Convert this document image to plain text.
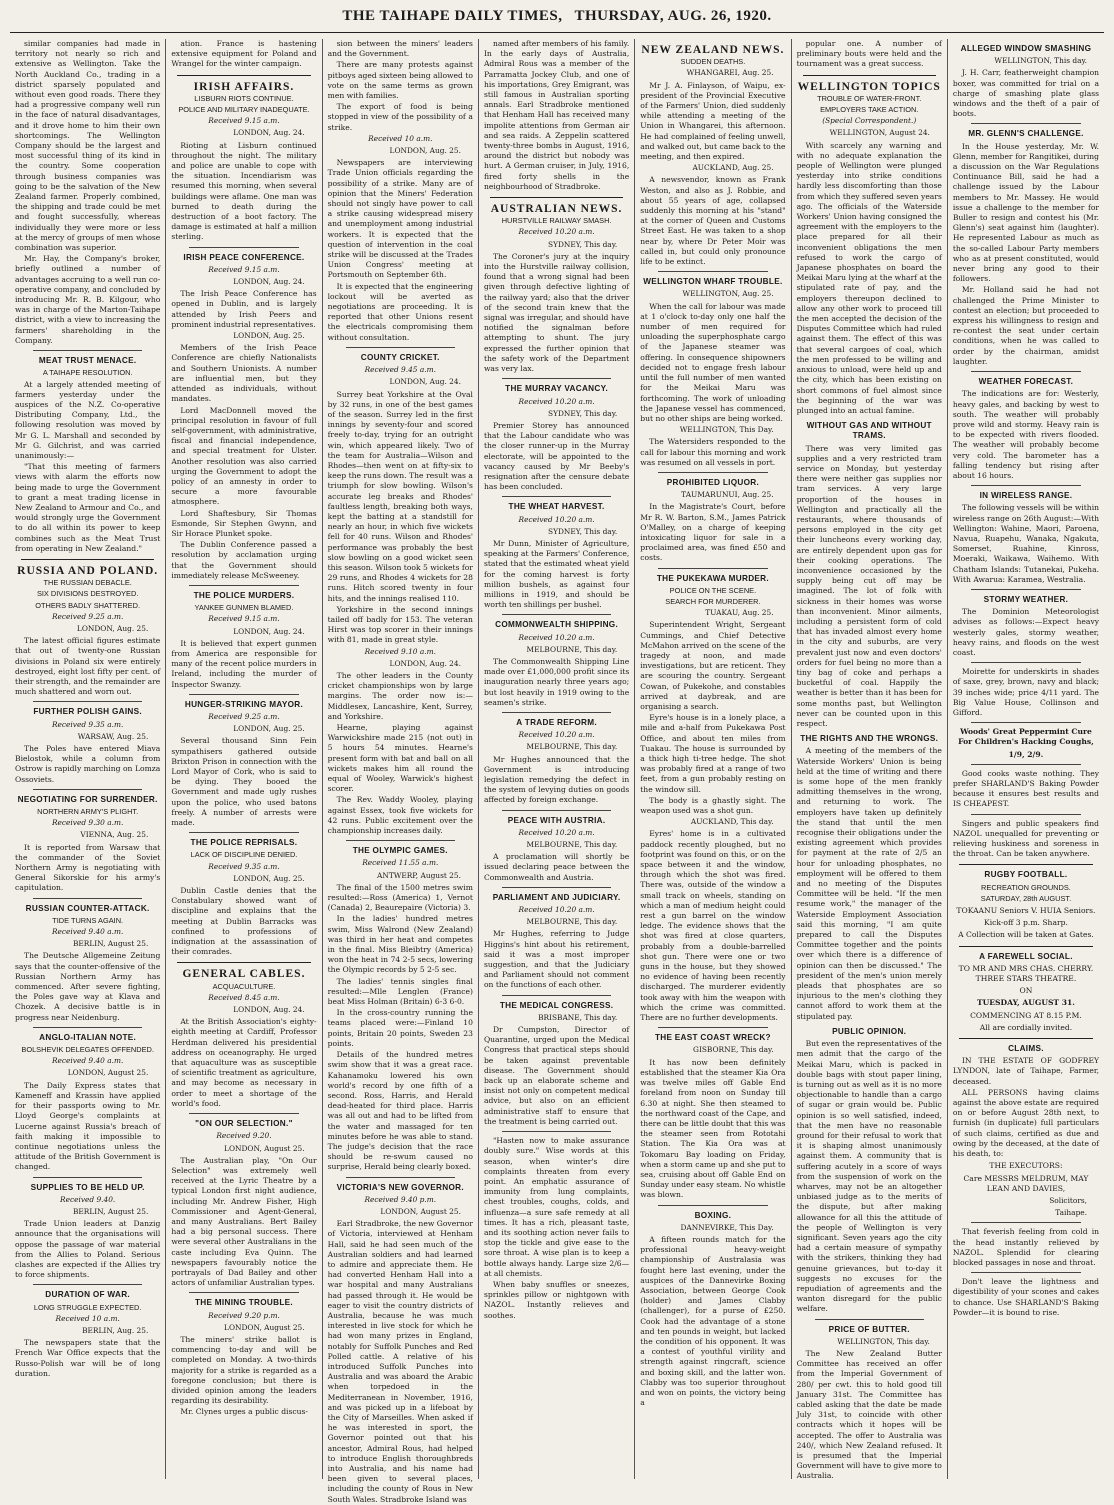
THE TAIHAPE DAILY TIMES, THURSDAY, AUG. 26, 1920.

similar companies had made in territory not nearly so rich and extensive as Wellington. Take the North Auckland Co., trading in a district sparsely populated and without even good roads. There they had a progressive company well run in the face of natural disadvantages, and it drove home to him their own shortcomings. The Wellington Company should be the largest and most successful thing of its kind in the country. Some cooperation through business companies was going to be the salvation of the New Zealand farmer. Properly combined, the shipping and trade could be met and fought successfully, whereas individually they were more or less at the mercy of groups of men whose combination was superior.

Mr. Hay, the Company's broker, briefly outlined a number of advantages accruing to a well run co-operative company, and concluded by introducing Mr. R. B. Kilgour, who was in charge of the Marton-Taihape district, with a view to increasing the farmers' shareholding in the Company.

MEAT TRUST MENACE.
A TAIHAPE RESOLUTION.

At a largely attended meeting of farmers yesterday under the auspices of the N.Z. Co-operative Distributing Company, Ltd., the following resolution was moved by Mr G. L. Marshall and seconded by Mr G. Gilchrist, and was carried unanimously:—

"That this meeting of farmers views with alarm the efforts now being made to urge the Government to grant a meat trading license in New Zealand to Armour and Co., and would strongly urge the Government to do all within its power to keep combines such as the Meat Trust from operating in New Zealand."

RUSSIA AND POLAND.
THE RUSSIAN DEBACLE.
SIX DIVISIONS DESTROYED.
OTHERS BADLY SHATTERED.
Received 9.25 a.m.
LONDON, Aug. 25.

The latest official figures estimate that out of twenty-one Russian divisions in Poland six were entirely destroyed, eight lost fifty per cent. of their strength, and the remainder are much shattered and worn out.

FURTHER POLISH GAINS.
Received 9.35 a.m.
WARSAW, Aug. 25.

The Poles have entered Miava Bielostok, while a column from Ostrow is rapidly marching on Lomza Ossoviets.

NEGOTIATING FOR SURRENDER.
NORTHERN ARMY'S PLIGHT.
Received 9.30 a.m.
VIENNA, Aug. 25.

It is reported from Warsaw that the commander of the Soviet Northern Army is negotiating with General Sikorskie for his army's capitulation.

RUSSIAN COUNTER-ATTACK.
TIDE TURNS AGAIN.
Received 9.40 a.m.
BERLIN, August 25.

The Deutsche Allgemeine Zeitung says that the counter-offensive of the Russian Northern Army has commenced. After severe fighting, the Poles gave way at Klava and Chozek. A decisive battle is in progress near Neidenburg.

ANGLO-ITALIAN NOTE.
BOLSHEVIK DELEGATES OFFENDED.
Received 9.40 a.m.
LONDON, August 25.

The Daily Express states that Kameneff and Krassin have applied for their passports owing to Mr. Lloyd George's complaints at Lucerne against Russia's breach of faith making it impossible to continue negotiations unless the attitude of the British Government is changed.

SUPPLIES TO BE HELD UP.
Received 9.40.
BERLIN, August 25.

Trade Union leaders at Danzig announce that the organisations will oppose the passage of war material from the Allies to Poland. Serious clashes are expected if the Allies try to force shipments.

DURATION OF WAR.
LONG STRUGGLE EXPECTED.
Received 10 a.m.
BERLIN, Aug. 25.

The newspapers state that the French War Office expects that the Russo-Polish war will be of long duration.

ation. France is hastening extensive equipment for Poland and Wrangel for the winter campaign.

IRISH AFFAIRS.
LISBURN RIOTS CONTINUE.
POLICE AND MILITARY INADEQUATE.
Received 9.15 a.m.
LONDON, Aug. 24.

Rioting at Lisburn continued throughout the night. The military and police are unable to cope with the situation. Incendiarism was resumed this morning, when several buildings were aflame. One man was burned to death during the destruction of a boot factory. The damage is estimated at half a million sterling.

IRISH PEACE CONFERENCE.
Received 9.15 a.m.
LONDON, Aug. 24.

The Irish Peace Conference has opened in Dublin, and is largely attended by Irish Peers and prominent industrial representatives.

LONDON, Aug. 25.

Members of the Irish Peace Conference are chiefly Nationalists and Southern Unionists. A number are influential men, but they attended as individuals, without mandates.

Lord MacDonnell moved the principal resolution in favour of full self-government, with administrative, fiscal and financial independence, and special treatment for Ulster. Another resolution was also carried urging the Government to adopt the policy of an amnesty in order to secure a more favourable atmosphere.

Lord Shaftesbury, Sir Thomas Esmonde, Sir Stephen Gwynn, and Sir Horace Plunket spoke.

The Dublin Conference passed a resolution by acclamation urging that the Government should immediately release McSweeney.

THE POLICE MURDERS.
YANKEE GUNMEN BLAMED.
Received 9.15 a.m.
LONDON, Aug. 24.

It is believed that expert gunmen from America are responsible for many of the recent police murders in Ireland, including the murder of Inspector Swanzy.

HUNGER-STRIKING MAYOR.
Received 9.25 a.m.
LONDON, Aug. 25.

Several thousand Sinn Fein sympathisers gathered outside Brixton Prison in connection with the Lord Mayor of Cork, who is said to be dying. They booed the Government and made ugly rushes upon the police, who used batons freely. A number of arrests were made.

THE POLICE REPRISALS.
LACK OF DISCIPLINE DENIED.
Received 9.35 a.m.
LONDON, Aug. 25.

Dublin Castle denies that the Constabulary showed want of discipline and explains that the meeting at Dublin Barracks was confined to professions of indignation at the assassination of their comrades.

GENERAL CABLES.
ACQUACULTURE.
Received 8.45 a.m.
LONDON, Aug. 24.

At the British Association's eighty-eighth meeting at Cardiff, Professor Herdman delivered his presidential address on oceanography. He urged that aquaculture was as susceptible of scientific treatment as agriculture, and may become as necessary in order to meet a shortage of the world's food.

"ON OUR SELECTION."
Received 9.20.
LONDON, August 25.

The Australian play, "On Our Selection" was extremely well received at the Lyric Theatre by a typical London first night audience, including Mr. Andrew Fisher, High Commissioner and Agent-General, and many Australians. Bert Bailey had a big personal success. There were several other Australians in the caste including Eva Quinn. The newspapers favourably notice the portrayals of Dad Bailey and other actors of unfamiliar Australian types.

THE MINING TROUBLE.
Received 9.20 p.m.
LONDON, August 25.

The miners' strike ballot is commencing to-day and will be completed on Monday. A two-thirds majority for a strike is regarded as a foregone conclusion; but there is divided opinion among the leaders regarding its desirability.

Mr. Clynes urges a public discus-

sion between the miners' leaders and the Government.

There are many protests against pitboys aged sixteen being allowed to vote on the same terms as grown men with families.

The export of food is being stopped in view of the possibility of a strike.

Received 10 a.m.
LONDON, Aug. 25.

Newspapers are interviewing Trade Union officials regarding the possibility of a strike. Many are of opinion that the Miners' Federation should not singly have power to call a strike causing widespread misery and unemployment among industrial workers. It is expected that the question of intervention in the coal strike will be discussed at the Trades Union Congress' meeting at Portsmouth on September 6th.

It is expected that the engineering lockout will be averted as negotiations are proceeding. It is reported that other Unions resent the electricals compromising them without consultation.

COUNTY CRICKET.
Received 9.45 a.m.
LONDON, Aug. 24.

Surrey beat Yorkshire at the Oval by 32 runs, in one of the best games of the season. Surrey led in the first innings by seventy-four and scored freely to-day, trying for an outright win, which appeared likely. Two of the team for Australia—Wilson and Rhodes—then went on at fifty-six to keep the runs down. The result was a triumph for slow bowling. Wilson's accurate leg breaks and Rhodes' faultless length, breaking both ways, kept the batting at a standstill for nearly an hour, in which five wickets fell for 40 runs. Wilson and Rhodes' performance was probably the best slow bowling on a good wicket seen this season. Wilson took 5 wickets for 29 runs, and Rhodes 4 wickets for 28 runs. Hitch scored twenty in four hits, and the innings realised 110.

Yorkshire in the second innings tailed off badly for 153. The veteran Hirst was top scorer in their innings with 81, made in great style.

Received 9.10 a.m.
LONDON, Aug. 24.

The other leaders in the County cricket championships won by large margins. The order now is:—Middlesex, Lancashire, Kent, Surrey, and Yorkshire.

Hearne, playing against Warwickshire made 215 (not out) in 5 hours 54 minutes. Hearne's present form with bat and ball on all wickets makes him all round the equal of Wooley, Warwick's highest scorer.

The Rev. Waddy Wooley, playing against Essex, took five wickets for 42 runs. Public excitement over the championship increases daily.

THE OLYMPIC GAMES.
Received 11.55 a.m.
ANTWERP, August 25.

The final of the 1500 metres swim resulted:—Ross (America) 1, Vernot (Canada) 2, Beaurepaire (Victoria) 3.

In the ladies' hundred metres swim, Miss Walrond (New Zealand) was third in her heat and competes in the final. Miss Bleibtry (America) won the heat in 74 2-5 secs, lowering the Olympic records by 5 2-5 sec.

The ladies' tennis singles final resulted:—Mlle Lenglen (France) beat Miss Holman (Britain) 6-3 6-0.

In the cross-country running the teams placed were:—Finland 10 points, Britain 20 points, Sweden 23 points.

Details of the hundred metres swim show that it was a great race. Kahanamoku lowered his own world's record by one fifth of a second. Ross, Harris, and Herald dead-heated for third place. Harris was all out and had to be lifted from the water and massaged for ten minutes before he was able to stand. The judge's decision that the race should be re-swum caused no surprise, Herald being clearly boxed.

VICTORIA'S NEW GOVERNOR.
Received 9.40 p.m.
LONDON, August 25.

Earl Stradbroke, the new Governor of Victoria, interviewed at Henham Hall, said he had seen much of the Australian soldiers and had learned to admire and appreciate them. He had converted Henham Hall into a war hospital and many Australians had passed through it. He would be eager to visit the country districts of Australia, because he was much interested in live stock for which he had won many prizes in England, notably for Suffolk Punches and Red Polled cattle. A relative of his introduced Suffolk Punches into Australia and was aboard the Arabic when torpedoed in the Mediterranean in November, 1916, and was picked up in a lifeboat by the City of Marseilles. When asked if he was interested in sport, the Governor pointed out that his ancestor, Admiral Rous, had helped to introduce English thoroughbreds into Australia, and his name had been given to several places, including the county of Rous in New South Wales. Stradbroke Island was

named after members of his family. In the early days of Australia, Admiral Rous was a member of the Parramatta Jockey Club, and one of his importations, Grey Emigrant, was still famous in Australian sporting annals. Earl Stradbroke mentioned that Henham Hall has received many impolite attentions from German air and sea raids. A Zeppelin scattered twenty-three bombs in August, 1916, around the district but nobody was hurt. A German cruiser, in July, 1916, fired forty shells in the neighbourhood of Stradbroke.

AUSTRALIAN NEWS.
HURSTVILLE RAILWAY SMASH.
Received 10.20 a.m.
SYDNEY, This day.

The Coroner's jury at the inquiry into the Hurstville railway collision, found that a wrong signal had been given through defective lighting of the railway yard; also that the driver of the second train knew that the signal was irregular, and should have notified the signalman before attempting to shunt. The jury expressed the further opinion that the safety work of the Department was very lax.

THE MURRAY VACANCY.
Received 10.20 a.m.
SYDNEY, This day.

Premier Storey has announced that the Labour candidate who was the closer runner-up in the Murray electorate, will be appointed to the vacancy caused by Mr Beeby's resignation after the censure debate has been concluded.

THE WHEAT HARVEST.
Received 10.20 a.m.
SYDNEY, This day.

Mr Dunn, Minister of Agriculture, speaking at the Farmers' Conference, stated that the estimated wheat yield for the coming harvest is forty million bushels, as against four millions in 1919, and should be worth ten shillings per bushel.

COMMONWEALTH SHIPPING.
Received 10.20 a.m.
MELBOURNE, This day.

The Commonwealth Shipping Line made over £1,000,000 profit since its inauguration nearly three years ago; but lost heavily in 1919 owing to the seamen's strike.

A TRADE REFORM.
Received 10.20 a.m.
MELBOURNE, This day.

Mr Hughes announced that the Government is introducing legislation remedying the defect in the system of levying duties on goods affected by foreign exchange.

PEACE WITH AUSTRIA.
Received 10.20 a.m.
MELBOURNE, This day.

A proclamation will shortly be issued declaring peace between the Commonwealth and Austria.

PARLIAMENT AND JUDICIARY.
Received 10.20 a.m.
MELBOURNE, This day.

Mr Hughes, referring to Judge Higgins's hint about his retirement, said it was a most improper suggestion, and that the Judiciary and Parliament should not comment on the functions of each other.

THE MEDICAL CONGRESS.
BRISBANE, This day.

Dr Cumpston, Director of Quarantine, urged upon the Medical Congress that practical steps should be taken against preventable disease. The Government should back up an elaborate scheme and insist not only on competent medical advice, but also on an efficient administrative staff to ensure that the treatment is being carried out.

"Hasten now to make assurance doubly sure." Wise words at this season, when winter's dire complaints threaten from every point. An emphatic assurance of immunity from lung complaints, chest troubles, coughs, colds, and influenza—a sure safe remedy at all times. It has a rich, pleasant taste, and its soothing action never fails to stop the tickle and give ease to the sore throat. A wise plan is to keep a bottle always handy. Large size 2/6—at all chemists.

When baby snuffles or sneezes, sprinkles pillow or nightgown with NAZOL. Instantly relieves and soothes.

NEW ZEALAND NEWS.
SUDDEN DEATHS.
WHANGAREI, Aug. 25.

Mr J. A. Finlayson, of Waipu, ex-president of the Provincial Executive of the Farmers' Union, died suddenly while attending a meeting of the Union in Whangarei, this afternoon. He had complained of feeling unwell, and walked out, but came back to the meeting, and then expired.

AUCKLAND, Aug. 25.

A newsvendor, known as Frank Weston, and also as J. Robbie, and about 55 years of age, collapsed suddenly this morning at his "stand" at the corner of Queen and Customs Street East. He was taken to a shop near by, where Dr Peter Moir was called in, but could only pronounce life to be extinct.

WELLINGTON WHARF TROUBLE.
WELLINGTON, Aug. 25.

When the call for labour was made at 1 o'clock to-day only one half the number of men required for unloading the superphosphate cargo of the Japanese steamer was offering. In consequence shipowners decided not to engage fresh labour until the full number of men wanted for the Meikai Maru was forthcoming. The work of unloading the Japanese vessel has commenced, but no other ships are being worked.

WELLINGTON, This Day.

The Watersiders responded to the call for labour this morning and work was resumed on all vessels in port.

PROHIBITED LIQUOR.
TAUMARUNUI, Aug. 25.

In the Magistrate's Court, before Mr R. W. Barton, S.M., James Patrick O'Malley, on a charge of keeping intoxicating liquor for sale in a proclaimed area, was fined £50 and costs.

THE PUKEKAWA MURDER.
POLICE ON THE SCENE.
SEARCH FOR MURDERER.
TUAKAU, Aug. 25.

Superintendent Wright, Sergeant Cummings, and Chief Detective McMahon arrived on the scene of the tragedy at noon, and made investigations, but are reticent. They are scouring the country. Sergeant Cowan, of Pukekohe, and constables arrived at daybreak, and are organising a search.

Eyre's house is in a lonely place, a mile and a-half from Pukekawa Post Office, and about ten miles from Tuakau. The house is surrounded by a thick high ti-tree hedge. The shot was probably fired at a range of two feet, from a gun probably resting on the window sill.

The body is a ghastly sight. The weapon used was a shot gun.

AUCKLAND, This day.

Eyres' home is in a cultivated paddock recently ploughed, but no footprint was found on this, or on the space between it and the window, through which the shot was fired. There was, outside of the window a small track on wheels, standing on which a man of medium height could rest a gun barrel on the window ledge. The evidence shows that the shot was fired at close quarters, probably from a double-barrelled shot gun. There were one or two guns in the house, but they showed no evidence of having been recently discharged. The murderer evidently took away with him the weapon with which the crime was committed. There are no further developments.

THE EAST COAST WRECK?
GISBORNE, This day.

It has now been definitely established that the steamer Kia Ora was twelve miles off Gable End foreland from noon on Sunday till 6.30 at night. She then steamed to the northward coast of the Cape, and there can be little doubt that this was the steamer seen from Rototahi Station. The Kia Ora was at Tokomaru Bay loading on Friday, when a storm came up and she put to sea, cruising about off Gable End on Sunday under easy steam. No whistle was blown.

BOXING.
DANNEVIRKE, This Day.

A fifteen rounds match for the professional heavy-weight championship of Australasia was fought here last evening, under the auspices of the Dannevirke Boxing Association, between George Cook (holder) and James Clabby (challenger), for a purse of £250. Cook had the advantage of a stone and ten pounds in weight, but lacked the condition of his opponent. It was a contest of youthful virility and strength against ringcraft, science and boxing skill, and the latter won. Clabby was too superior throughout and won on points, the victory being a

popular one. A number of preliminary bouts were held and the tournament was a great success.

WELLINGTON TOPICS
TROUBLE OF WATER-FRONT.
EMPLOYERS TAKE ACTION.
(Special Correspondent.)
WELLINGTON, August 24.

With scarcely any warning and with no adequate explanation the people of Wellington were plunged yesterday into strike conditions hardly less discomforting than those from which they suffered seven years ago. The officials of the Waterside Workers' Union having consigned the agreement with the employers to the place prepared for all their inconvenient obligations the men refused to work the cargo of Japanese phosphates on board the Meikai Maru lying at the wharf at the stipulated rate of pay, and the employers thereupon declined to allow any other work to proceed till the men accepted the decision of the Disputes Committee which had ruled against them. The effect of this was that several cargoes of coal, which the men professed to be willing and anxious to unload, were held up and the city, which has been existing on short commons of fuel almost since the beginning of the war was plunged into an actual famine.

WITHOUT GAS AND WITHOUT TRAMS.

There was very limited gas supplies and a very restricted tram service on Monday, but yesterday there were neither gas supplies nor tram services. A very large proportion of the houses in Wellington and practically all the restaurants, where thousands of persons employed in the city get their luncheons every working day, are entirely dependent upon gas for their cooking operations. The inconvenience occasioned by the supply being cut off may be imagined. The lot of folk with sickness in their homes was worse than inconvenient. Minor ailments, including a persistent form of cold that has invaded almost every home in the city and suburbs, are very prevalent just now and even doctors' orders for fuel being no more than a tiny bag of coke and perhaps a bucketful of coal. Happily the weather is better than it has been for some months past, but Wellington never can be counted upon in this respect.

THE RIGHTS AND THE WRONGS.

A meeting of the members of the Waterside Workers' Union is being held at the time of writing and there is some hope of the men frankly admitting themselves in the wrong, and returning to work. The employers have taken up definitely the stand that until the men recognise their obligations under the existing agreement which provides for payment at the rate of 2/5 an hour for unloading phosphates, no employment will be offered to them and no meeting of the Disputes Committee will be held. "If the men resume work," the manager of the Waterside Employment Association said this morning, "I am quite prepared to call the Disputes Committee together and the points over which there is a difference of opinion can then be discussed." The president of the men's union merely pleads that phosphates are so injurious to the men's clothing they cannot afford to work them at the stipulated pay.

PUBLIC OPINION.

But even the representatives of the men admit that the cargo of the Meikai Maru, which is packed in double bags with stout paper lining, is turning out as well as it is no more objectionable to handle than a cargo of sugar or grain would be. Public opinion is so well satisfied, indeed, that the men have no reasonable ground for their refusal to work that it is shaping almost unanimously against them. A community that is suffering acutely in a score of ways from the suspension of work on the wharves, may not be an altogether unbiased judge as to the merits of the dispute, but after making allowance for all this the attitude of the people of Wellington is very significant. Seven years ago the city had a certain measure of sympathy with the strikers, thinking they had genuine grievances, but to-day it suggests no excuses for the repudiation of agreements and the wanton disregard for the public welfare.

PRICE OF BUTTER.
WELLINGTON, This day.

The New Zealand Butter Committee has received an offer from the Imperial Government of 280/ per cwt. this to hold good till January 31st. The Committee has cabled asking that the date be made July 31st, to coincide with other contracts which it hopes will be accepted. The offer to Australia was 240/, which New Zealand refused. It is presumed that the Imperial Government will have to give more to Australia.

ALLEGED WINDOW SMASHING
WELLINGTON, This day.

J. H. Carr, featherweight champion boxer, was committed for trial on a charge of smashing plate glass windows and the theft of a pair of boots.

MR. GLENN'S CHALLENGE.

In the House yesterday, Mr. W. Glenn, member for Rangitikei, during a discussion on the War Regulations Continuance Bill, said he had a challenge issued by the Labour members to Mr. Massey. He would issue a challenge to the member for Buller to resign and contest his (Mr. Glenn's) seat against him (laughter). He represented Labour as much as the so-called Labour Party members who as at present constituted, would never bring any good to their followers.

Mr. Holland said he had not challenged the Prime Minister to contest an election; but proceeded to express his willingness to resign and re-contest the seat under certain conditions, when he was called to order by the chairman, amidst laughter.

WEATHER FORECAST.

The indications are for: Westerly, heavy gales, and backing by west to south. The weather will probably prove wild and stormy. Heavy rain is to be expected with rivers flooded. The weather will probably become very cold. The barometer has a falling tendency but rising after about 16 hours.

IN WIRELESS RANGE.

The following vessels will be within wireless range on 26th August:—With Wellington: Wahine, Maori, Paroena, Navua, Ruapehu, Wanaka, Ngakuta, Somerset, Ruahine, Kinross, Moeraki, Waikawa, Waihemo. With Chatham Islands: Tutanekai, Pukeha. With Awarua: Karamea, Westralia.

STORMY WEATHER.

The Dominion Meteorologist advises as follows:—Expect heavy westerly gales, stormy weather, heavy rains, and floods on the west coast.

Moirette for underskirts in shades of saxe, grey, brown, navy and black; 39 inches wide; price 4/11 yard. The Big Value House, Collinson and Gifford.

Woods' Great Peppermint Cure For Children's Hacking Coughs,
1/9, 2/9.

Good cooks waste nothing. They prefer SHARLAND'S Baking Powder because it ensures best results and IS CHEAPEST.

Singers and public speakers find NAZOL unequalled for preventing or relieving huskiness and soreness in the throat. Can be taken anywhere.

RUGBY FOOTBALL.
RECREATION GROUNDS.
SATURDAY, 28th AUGUST.
TOKAANU Seniors V. HUIA Seniors.
Kick-off 3 p.m. Sharp.
A Collection will be taken at Gates.
A FAREWELL SOCIAL.
TO MR AND MRS CHAS. CHERRY. THREE STARS THEATRE.
ON
TUESDAY, AUGUST 31.
COMMENCING AT 8.15 P.M.
All are cordially invited.
CLAIMS.

IN THE ESTATE OF GODFREY LYNDON, late of Taihape, Farmer, deceased.

ALL PERSONS having claims against the above estate are required on or before August 28th next, to furnish (in duplicate) full particulars of such claims, certified as due and owing by the deceased, at the date of his death, to:

THE EXECUTORS:
Care MESSRS MELDRUM, MAY LEAN AND DAVIES,
Solicitors,
Taihape.

That feverish feeling from cold in the head instantly relieved by NAZOL. Splendid for clearing blocked passages in nose and throat.

Don't leave the lightness and digestibility of your scones and cakes to chance. Use SHARLAND'S Baking Powder—it is bound to rise.
